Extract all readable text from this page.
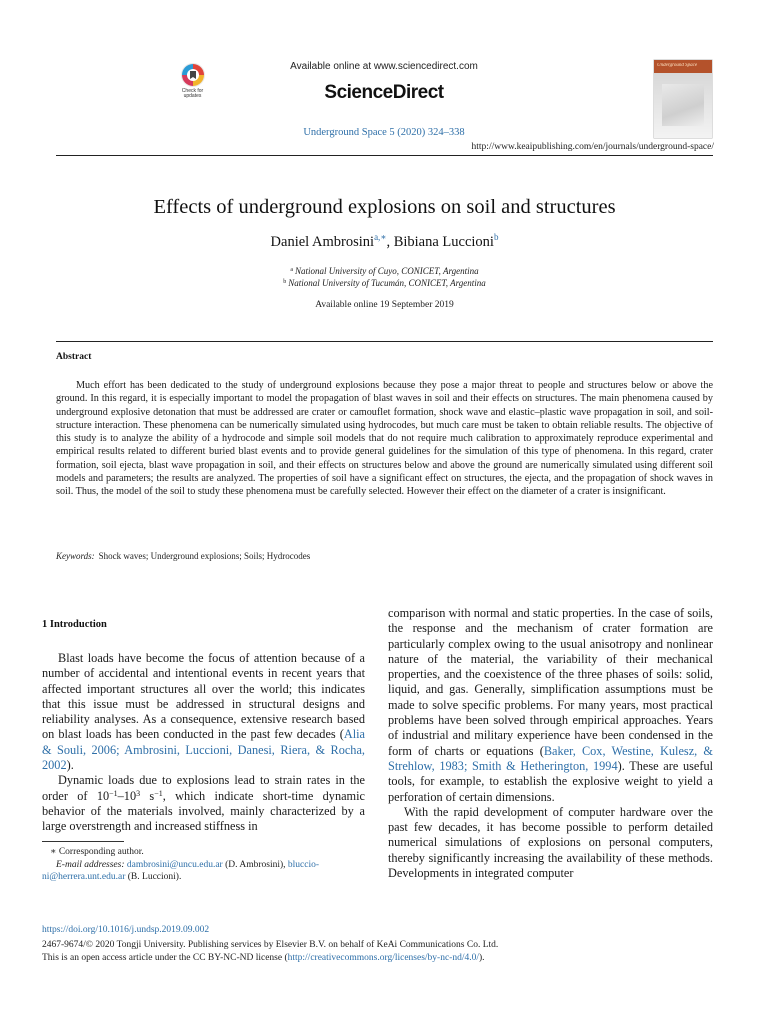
Check for updates
Available online at www.sciencedirect.com
ScienceDirect
Underground Space 5 (2020) 324–338
http://www.keaipublishing.com/en/journals/underground-space/
Underground Space
Effects of underground explosions on soil and structures
Daniel Ambrosini$^{a,∗}$, Bibiana Luccioni$^b$
$^a$ National University of Cuyo, CONICET, Argentina
$^b$ National University of Tucumán, CONICET, Argentina
Available online 19 September 2019
Abstract

Much effort has been dedicated to the study of underground explosions because they pose a major threat to people and structures below or above the ground. In this regard, it is especially important to model the propagation of blast waves in soil and their effects on structures. The main phenomena caused by underground explosive detonation that must be addressed are crater or camouflet formation, shock wave and elastic–plastic wave propagation in soil, and soil-structure interaction. These phenomena can be numerically simulated using hydrocodes, but much care must be taken to obtain reliable results. The objective of this study is to analyze the ability of a hydrocode and simple soil models that do not require much calibration to approximately reproduce experimental and empirical results related to different buried blast events and to provide general guidelines for the simulation of this type of phenomena. In this regard, crater formation, soil ejecta, blast wave propagation in soil, and their effects on structures below and above the ground are numerically simulated using different soil models and parameters; the results are analyzed. The properties of soil have a significant effect on structures, the ejecta, and the propagation of shock waves in soil. Thus, the model of the soil to study these phenomena must be carefully selected. However their effect on the diameter of a crater is insignificant.

Keywords: Shock waves; Underground explosions; Soils; Hydrocodes
1 Introduction

Blast loads have become the focus of attention because of a number of accidental and intentional events in recent years that affected important structures all over the world; this indicates that this issue must be addressed in structural designs and reliability analyses. As a consequence, extensive research based on blast loads has been conducted in the past few decades (Alia & Souli, 2006; Ambrosini, Luccioni, Danesi, Riera, & Rocha, 2002).

Dynamic loads due to explosions lead to strain rates in the order of $10^{-1}-10^3$ $s^{-1}$, which indicate short-time dynamic behavior of the materials involved, mainly characterized by a large overstrength and increased stiffness in

comparison with normal and static properties. In the case of soils, the response and the mechanism of crater formation are particularly complex owing to the usual anisotropy and nonlinear nature of the material, the variability of their mechanical properties, and the coexistence of the three phases of soils: solid, liquid, and gas. Generally, simplification assumptions must be made to solve specific problems. For many years, most practical problems have been solved through empirical approaches. Years of industrial and military experience have been condensed in the form of charts or equations (Baker, Cox, Westine, Kulesz, & Strehlow, 1983; Smith & Hetherington, 1994). These are useful tools, for example, to establish the explosive weight to yield a perforation of certain dimensions.

With the rapid development of computer hardware over the past few decades, it has become possible to perform detailed numerical simulations of explosions on personal computers, thereby significantly increasing the availability of these methods. Developments in integrated computer

∗ Corresponding author.
E-mail addresses: dambrosini@uncu.edu.ar (D. Ambrosini), bluccio-
ni@herrera.unt.edu.ar (B. Luccioni).
https://doi.org/10.1016/j.undsp.2019.09.002
2467-9674/© 2020 Tongji University. Publishing services by Elsevier B.V. on behalf of KeAi Communications Co. Ltd.
This is an open access article under the CC BY-NC-ND license (http://creativecommons.org/licenses/by-nc-nd/4.0/).
